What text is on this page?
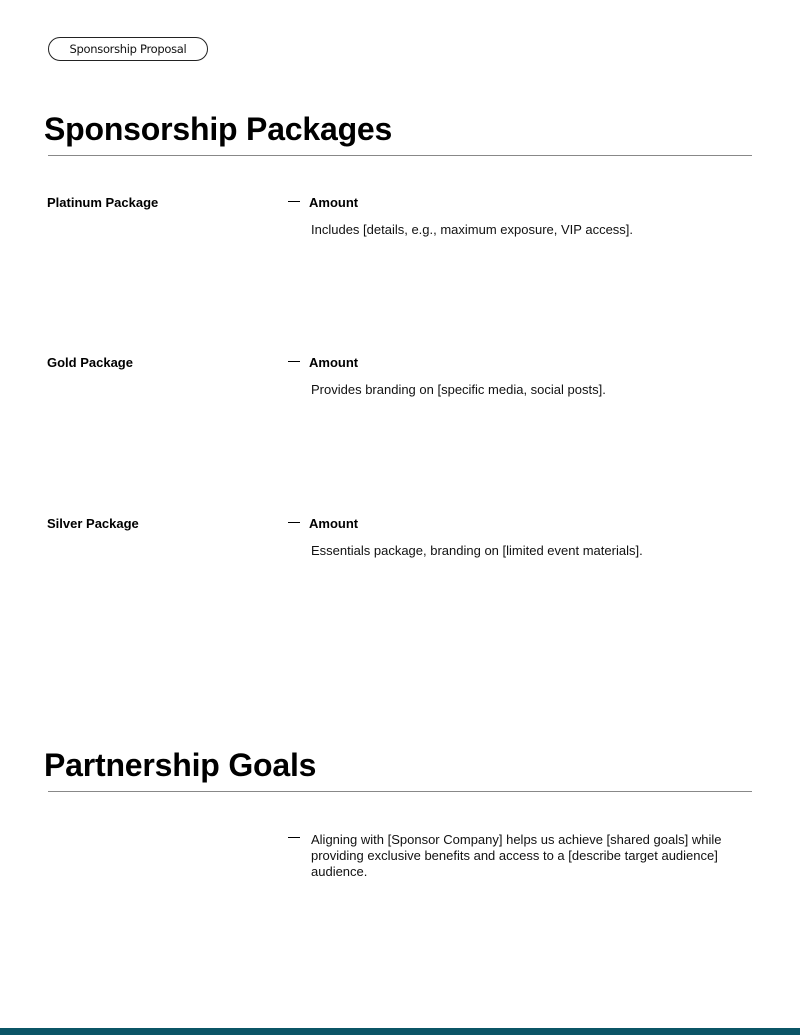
Sponsorship Proposal
Sponsorship Packages
Platinum Package	Amount
Includes [details, e.g., maximum exposure, VIP access].
Gold Package	Amount
Provides branding on [specific media, social posts].
Silver Package	Amount
Essentials package, branding on [limited event materials].
Partnership Goals
Aligning with [Sponsor Company] helps us achieve [shared goals] while providing exclusive benefits and access to a [describe target audience] audience.
